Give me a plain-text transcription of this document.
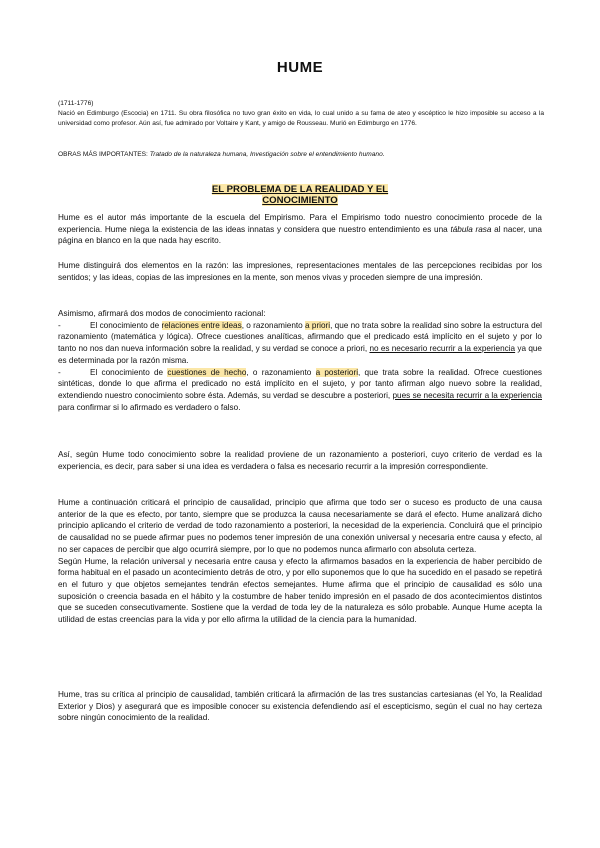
HUME
(1711-1776)
Nació en Edimburgo (Escocia) en 1711. Su obra filosófica no tuvo gran éxito en vida, lo cual unido a su fama de ateo y escéptico le hizo imposible su acceso a la universidad como profesor. Aún así, fue admirado por Voltaire y Kant, y amigo de Rousseau. Murió en Edimburgo en 1776.
OBRAS MÁS IMPORTANTES: Tratado de la naturaleza humana, Investigación sobre el entendimiento humano.
EL PROBLEMA DE LA REALIDAD Y EL
CONOCIMIENTO

Hume es el autor más importante de la escuela del Empirismo. Para el Empirismo todo nuestro conocimiento procede de la experiencia. Hume niega la existencia de las ideas innatas y considera que nuestro entendimiento es una tábula rasa al nacer, una página en blanco en la que nada hay escrito.

Hume distinguirá dos elementos en la razón: las impresiones, representaciones mentales de las percepciones recibidas por los sentidos; y las ideas, copias de las impresiones en la mente, son menos vivas y proceden siempre de una impresión.

Asimismo, afirmará dos modos de conocimiento racional:

-	El conocimiento de relaciones entre ideas, o razonamiento a priori, que no trata sobre la realidad sino sobre la estructura del razonamiento (matemática y lógica). Ofrece cuestiones analíticas, afirmando que el predicado está implícito en el sujeto y por lo tanto no nos dan nueva información sobre la realidad, y su verdad se conoce a priori, no es necesario recurrir a la experiencia ya que es determinada por la razón misma.
-	El conocimiento de cuestiones de hecho, o razonamiento a posteriori, que trata sobre la realidad. Ofrece cuestiones sintéticas, donde lo que afirma el predicado no está implícito en el sujeto, y por tanto afirman algo nuevo sobre la realidad, extendiendo nuestro conocimiento sobre ésta. Además, su verdad se descubre a posteriori, pues se necesita recurrir a la experiencia para confirmar si lo afirmado es verdadero o falso.

Así, según Hume todo conocimiento sobre la realidad proviene de un razonamiento a posteriori, cuyo criterio de verdad es la experiencia, es decir, para saber si una idea es verdadera o falsa es necesario recurrir a la impresión correspondiente.

Hume a continuación criticará el principio de causalidad, principio que afirma que todo ser o suceso es producto de una causa anterior de la que es efecto, por tanto, siempre que se produzca la causa necesariamente se dará el efecto. Hume analizará dicho principio aplicando el criterio de verdad de todo razonamiento a posteriori, la necesidad de la experiencia. Concluirá que el principio de causalidad no se puede afirmar pues no podemos tener impresión de una conexión universal y necesaria entre causa y efecto, al no ser capaces de percibir que algo ocurrirá siempre, por lo que no podemos nunca afirmarlo con absoluta certeza.

Según Hume, la relación universal y necesaria entre causa y efecto la afirmamos basados en la experiencia de haber percibido de forma habitual en el pasado un acontecimiento detrás de otro, y por ello suponemos que lo que ha sucedido en el pasado se repetirá en el futuro y que objetos semejantes tendrán efectos semejantes. Hume afirma que el principio de causalidad es sólo una suposición o creencia basada en el hábito y la costumbre de haber tenido impresión en el pasado de dos acontecimientos distintos que se suceden consecutivamente. Sostiene que la verdad de toda ley de la naturaleza es sólo probable. Aunque Hume acepta la utilidad de estas creencias para la vida y por ello afirma la utilidad de la ciencia para la humanidad.

Hume, tras su crítica al principio de causalidad, también criticará la afirmación de las tres sustancias cartesianas (el Yo, la Realidad Exterior y Dios) y asegurará que es imposible conocer su existencia defendiendo así el escepticismo, según el cual no hay certeza sobre ningún conocimiento de la realidad.
